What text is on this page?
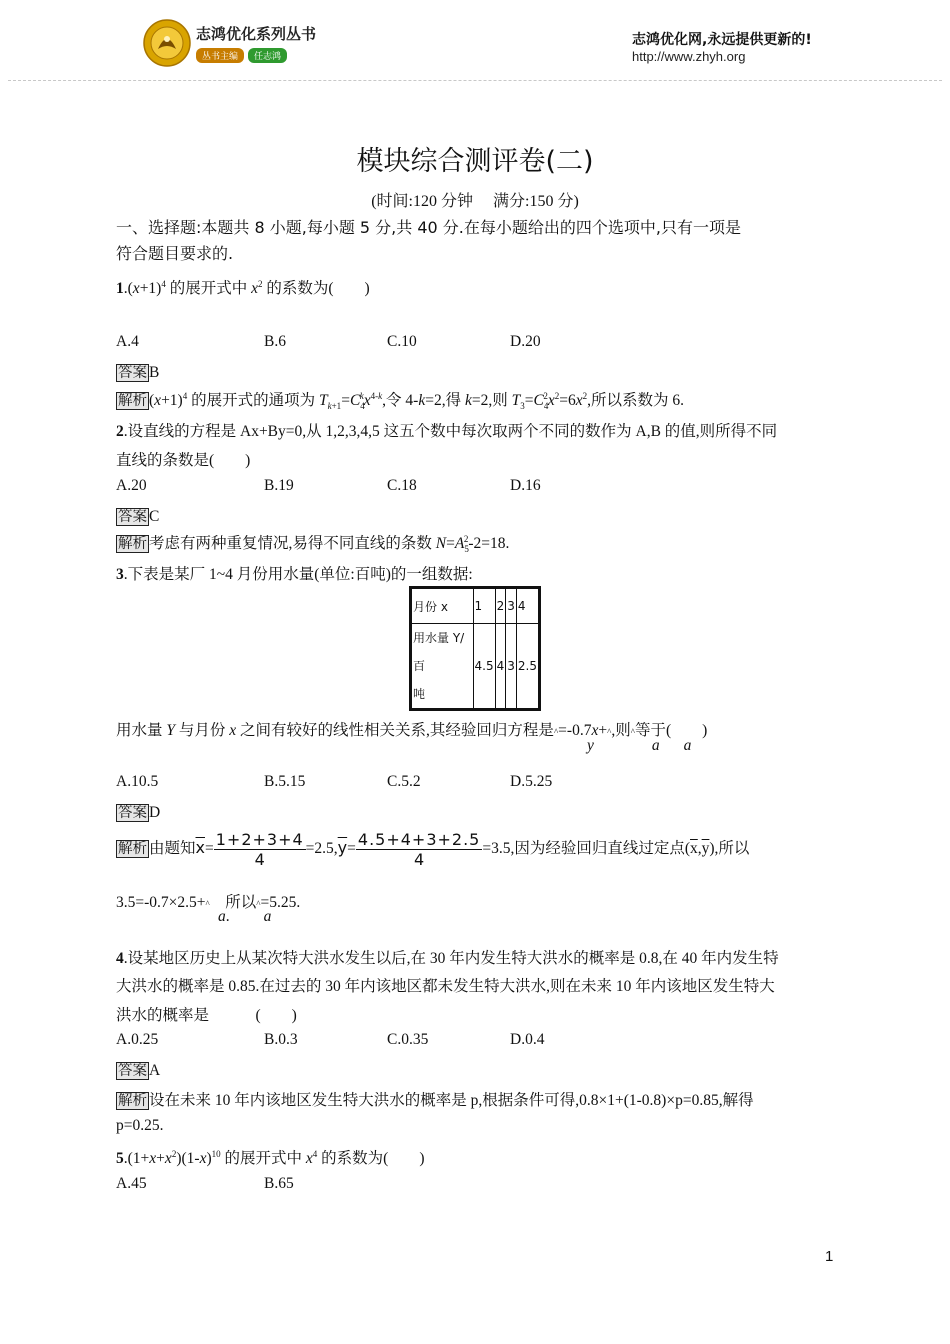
志鸿优化系列丛书
丛书主编 任志鸿
志鸿优化网,永远提供更新的!
http://www.zhyh.org
模块综合测评卷(二)
(时间:120 分钟　 满分:150 分)
一、选择题:本题共 8 小题,每小题 5 分,共 40 分.在每小题给出的四个选项中,只有一项是
符合题目要求的.
$1.(x+1)^4$ 的展开式中 $x^2$ 的系数为(　　)
A.4	B.6	C.10	D.20
答案 B
解析 $(x+1)^4$ 的展开式的通项为 $T_{k+1}=C_4^kx^{4-k}$,令 4-k=2,得 k=2,则 $T_3=C_4^2x^2=6x^2$,所以系数为 6.
2.设直线的方程是 Ax+By=0,从 1,2,3,4,5 这五个数中每次取两个不同的数作为 A,B 的值,则所得不同
直线的条数是(　　)
A.20	B.19	C.18	D.16
答案 C
解析 考虑有两种重复情况,易得不同直线的条数 $N=A_5^2-2=18$.
3.下表是某厂 1~4 月份用水量(单位:百吨)的一组数据:
月份 x	1	2	3	4
用水量 Y/百
吨	4.5	4	3	2.5
用水量 Y 与月份 x 之间有较好的线性相关关系,其经验回归方程是^=-0.7x+^,则^等于(　　)
y	a a
A.10.5	B.5.15	C.5.2	D.5.25
答案 D
解析 由题知$\overline{x}= \frac{1+2+3+4}{4} =2.5,\overline{y}= \frac{4.5+4+3+2.5}{4} =3.5$,因为经验回归直线过定点$(\overline{x},\overline{y})$,所以
3.5=-0.7×2.5+^　所以^=5.25.
a. a
4.设某地区历史上从某次特大洪水发生以后,在 30 年内发生特大洪水的概率是 0.8,在 40 年内发生特
大洪水的概率是 0.85.在过去的 30 年内该地区都未发生特大洪水,则在未来 10 年内该地区发生特大
洪水的概率是　　　(　　)
A.0.25	B.0.3	C.0.35	D.0.4
答案 A
解析 设在未来 10 年内该地区发生特大洪水的概率是 p,根据条件可得,0.8×1+(1-0.8)×p=0.85,解得
p=0.25.
$5.(1+x+x^2)(1-x)^{10}$ 的展开式中 $x^4$ 的系数为(　　)
A.45	B.65
1
